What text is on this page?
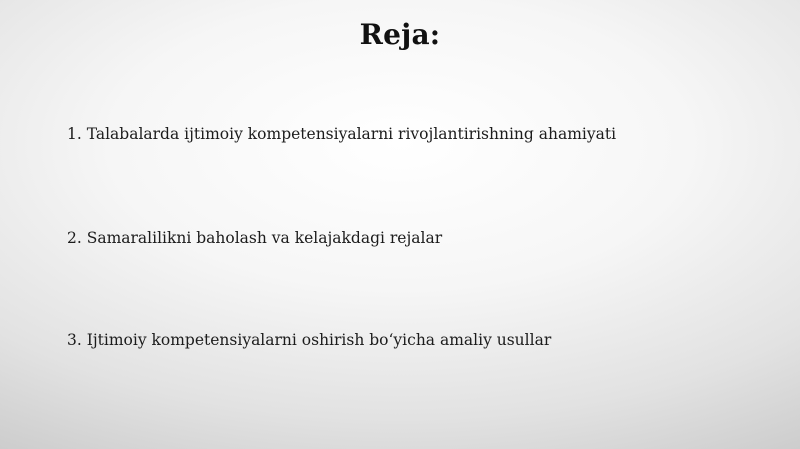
Reja:
1. Talabalarda ijtimoiy kompetensiyalarni rivojlantirishning ahamiyati
2. Samaralilikni baholash va kelajakdagi rejalar
3. Ijtimoiy kompetensiyalarni oshirish bo‘yicha amaliy usullar
